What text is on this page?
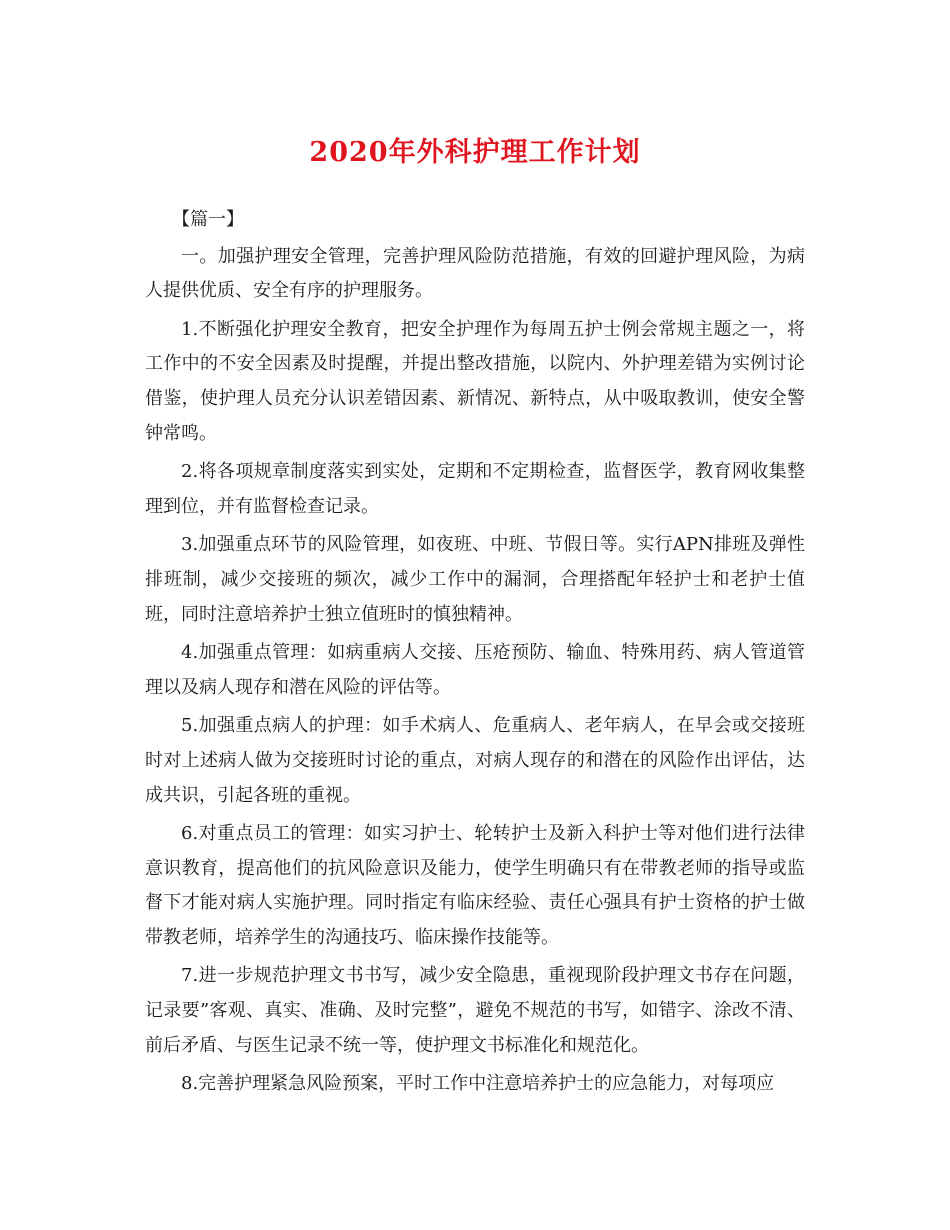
2020年外科护理工作计划

【篇一】

一。加强护理安全管理，完善护理风险防范措施，有效的回避护理风险，为病人提供优质、安全有序的护理服务。

1.不断强化护理安全教育，把安全护理作为每周五护士例会常规主题之一，将工作中的不安全因素及时提醒，并提出整改措施，以院内、外护理差错为实例讨论借鉴，使护理人员充分认识差错因素、新情况、新特点，从中吸取教训，使安全警钟常鸣。

2.将各项规章制度落实到实处，定期和不定期检查，监督医学，教育网收集整理到位，并有监督检查记录。

3.加强重点环节的风险管理，如夜班、中班、节假日等。实行APN排班及弹性排班制，减少交接班的频次，减少工作中的漏洞，合理搭配年轻护士和老护士值班，同时注意培养护士独立值班时的慎独精神。

4.加强重点管理：如病重病人交接、压疮预防、输血、特殊用药、病人管道管理以及病人现存和潜在风险的评估等。

5.加强重点病人的护理：如手术病人、危重病人、老年病人，在早会或交接班时对上述病人做为交接班时讨论的重点，对病人现存的和潜在的风险作出评估，达成共识，引起各班的重视。

6.对重点员工的管理：如实习护士、轮转护士及新入科护士等对他们进行法律意识教育，提高他们的抗风险意识及能力，使学生明确只有在带教老师的指导或监督下才能对病人实施护理。同时指定有临床经验、责任心强具有护士资格的护士做带教老师，培养学生的沟通技巧、临床操作技能等。

7.进一步规范护理文书书写，减少安全隐患，重视现阶段护理文书存在问题，记录要”客观、真实、准确、及时完整”，避免不规范的书写，如错字、涂改不清、前后矛盾、与医生记录不统一等，使护理文书标准化和规范化。

8.完善护理紧急风险预案，平时工作中注意培养护士的应急能力，对每项应
